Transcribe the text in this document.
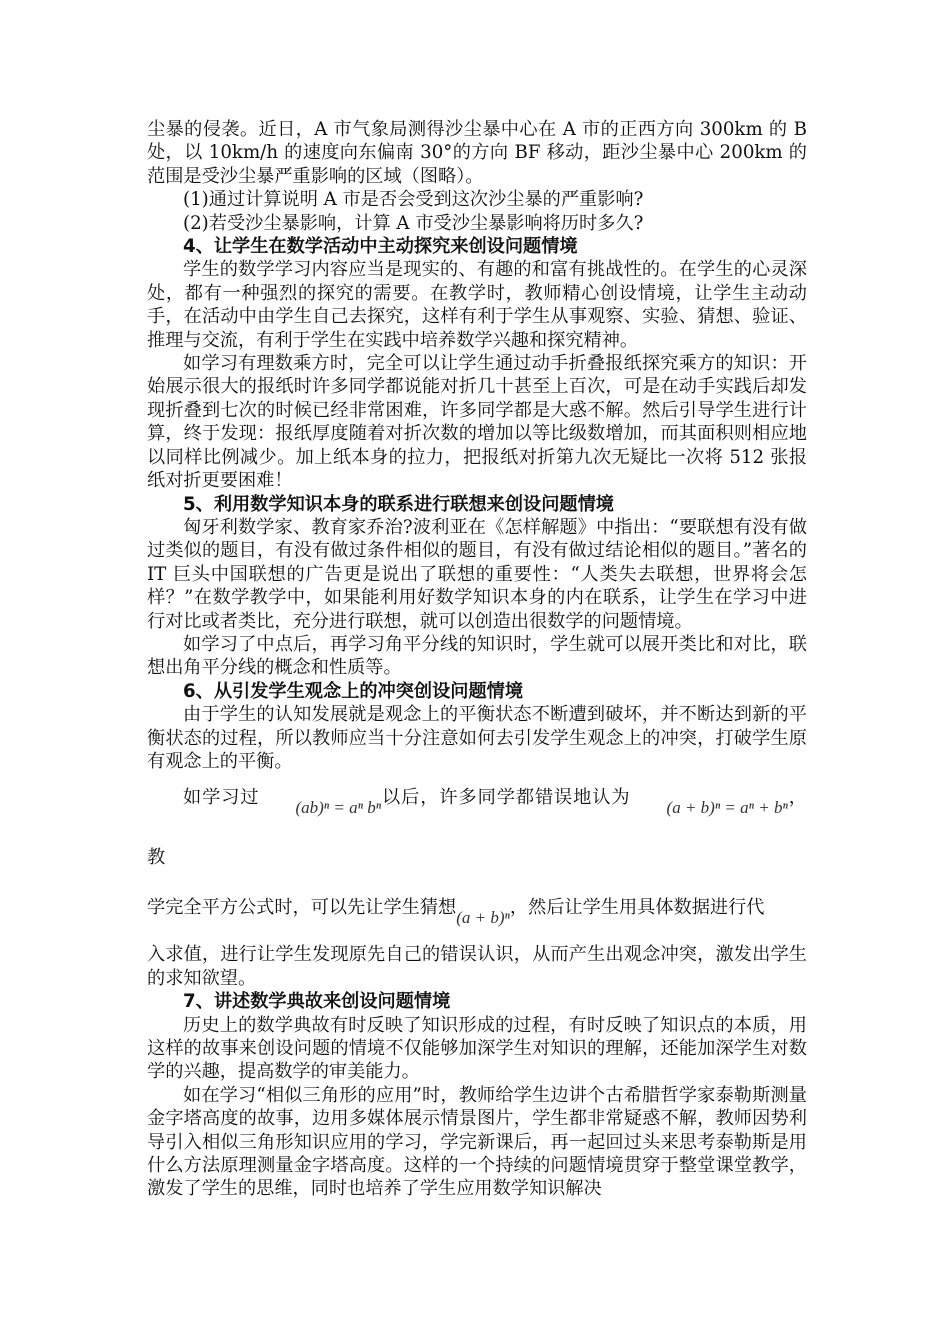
尘暴的侵袭。近日，A 市气象局测得沙尘暴中心在 A 市的正西方向 300km 的 B 处，以 10km/h 的速度向东偏南 30°的方向 BF 移动，距沙尘暴中心 200km 的范围是受沙尘暴严重影响的区域（图略）。

(1)通过计算说明 A 市是否会受到这次沙尘暴的严重影响?

(2)若受沙尘暴影响，计算 A 市受沙尘暴影响将历时多久?

4、让学生在数学活动中主动探究来创设问题情境

学生的数学学习内容应当是现实的、有趣的和富有挑战性的。在学生的心灵深处，都有一种强烈的探究的需要。在教学时，教师精心创设情境，让学生主动动手，在活动中由学生自己去探究，这样有利于学生从事观察、实验、猜想、验证、推理与交流，有利于学生在实践中培养数学兴趣和探究精神。

如学习有理数乘方时，完全可以让学生通过动手折叠报纸探究乘方的知识：开始展示很大的报纸时许多同学都说能对折几十甚至上百次，可是在动手实践后却发现折叠到七次的时候已经非常困难，许多同学都是大惑不解。然后引导学生进行计算，终于发现：报纸厚度随着对折次数的增加以等比级数增加，而其面积则相应地以同样比例减少。加上纸本身的拉力，把报纸对折第九次无疑比一次将 512 张报纸对折更要困难！

5、利用数学知识本身的联系进行联想来创设问题情境

匈牙利数学家、教育家乔治?波利亚在《怎样解题》中指出：“要联想有没有做过类似的题目，有没有做过条件相似的题目，有没有做过结论相似的题目。”著名的 IT 巨头中国联想的广告更是说出了联想的重要性：“人类失去联想，世界将会怎样？”在数学教学中，如果能利用好数学知识本身的内在联系，让学生在学习中进行对比或者类比，充分进行联想，就可以创造出很数学的问题情境。

如学习了中点后，再学习角平分线的知识时，学生就可以展开类比和对比，联想出角平分线的概念和性质等。

6、从引发学生观念上的冲突创设问题情境

由于学生的认知发展就是观念上的平衡状态不断遭到破坏，并不断达到新的平衡状态的过程，所以教师应当十分注意如何去引发学生观念上的冲突，打破学生原有观念上的平衡。

如学习过 (ab)ⁿ = aⁿ bⁿ以后，许多同学都错误地认为 (a + b)ⁿ = aⁿ + bⁿ，教

学完全平方公式时，可以先让学生猜想(a + b)ⁿ，然后让学生用具体数据进行代

入求值，进行让学生发现原先自己的错误认识，从而产生出观念冲突，激发出学生的求知欲望。

7、讲述数学典故来创设问题情境

历史上的数学典故有时反映了知识形成的过程，有时反映了知识点的本质，用这样的故事来创设问题的情境不仅能够加深学生对知识的理解，还能加深学生对数学的兴趣，提高数学的审美能力。

如在学习“相似三角形的应用”时，教师给学生边讲个古希腊哲学家泰勒斯测量金字塔高度的故事，边用多媒体展示情景图片，学生都非常疑惑不解，教师因势利导引入相似三角形知识应用的学习，学完新课后，再一起回过头来思考泰勒斯是用什么方法原理测量金字塔高度。这样的一个持续的问题情境贯穿于整堂课堂教学，激发了学生的思维，同时也培养了学生应用数学知识解决
